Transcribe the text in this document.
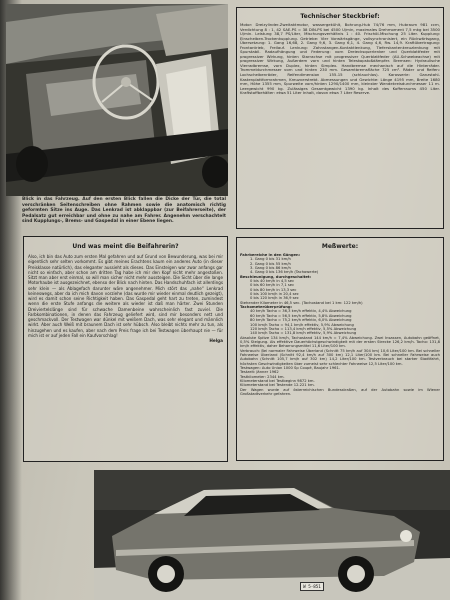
Blick in das Fahrzeug. Auf den ersten Blick fallen die Dicke der Tür, die total verschränken Seitenschreiben ohne Rahmen sowie die anatomisch richtig geformten Sitze ins Auge. Das Lenkrad ist abklappbar (zur Beifahrerseite), der Pedalsatz gut erreichbar und ohne zu nahe am Fahrer. Angenehm verschachtelt sind Kupplungs-, Brems- und Gaspedal in einer Ebene liegen.
Technischer Steckbrief:
Motor: Dreizylinder-Zweitaktmotor, wassergekühlt, Bohrung-Hub 74/76 mm, Hubraum 981 ccm, Verdichtung 8 : 1, 42 SAE-PS = 38 DIN-PS bei 4500 U/min, maximales Drehmoment 7,5 mkg bei 3500 U/min. Leistung 38,7 PS/Liter, Mischungsverhältnis 1 : 40. Frischöl-Mischung 25 Liter. Kupplung: Einscheiben-Trockenkupplung. Getriebe: Vier Vorwärtsgänge, vollsynchronisiert, ein Rückwärtsgang, Übersetzung: 1. Gang 16,68, 2. Gang 9,6, 3. Gang 6,1, 4. Gang 4,6, Rw. 14,9. Kraftübertragung: Frontantrieb, Freilauf. Lenkung: Zahnstangen-Kontaktlenkung, Tieferskantenkreuzlenkung mit Spurstabil. Radaufhängung und Federung: vorn Dreiecksquerlenker und Querblattfeder mit progressiver Wirkung, hinten Starrachse mit progressiver Querblattfeder (AU-Schwebeachse) mit progressiver Wirkung, Außerdem vorn und hinten Teleskopstoßdämpfer. Bremsen: Hydraulische Vierradbremse, vorn Duplex, hinten Simplex. Handbremse mechanisch auf die Hinterräder. Trommeldurchmesser vorn und hinten 230 mm. Gesamtbremsfläche 725 cm². Räder und Reifen: Lochscheibenräder, Reifendimension 155-15 (schlauchlos). Karosserie: Ganzstahl-Kastenplattformrahmen, Kreuzverstrebt. Abmessungen und Gewichte: Länge 4195 mm, Breite 1680 mm, Höhe 1355 mm, Spurweite vorn/hinten 1290/1400 mm, kleinster Wendekreisdurchmesser 11 m. Leergewicht 990 kg. Zulässiges Gesamtgewicht 1390 kg. Inhalt des Kofferraums 450 Liter. Kraftstoffbehälter: etwa 51 Liter Inhalt, davon etwa 7 Liter Reserve.
Und was meint die Beifahrerin?
Also, ich bin das Auto zum ersten Mal gefahren und auf Grund von Bewunderung, was bei mir eigentlich sehr selten vorkommt. Es gibt meines Erachtens kaum ein anderes Auto (in dieser Preisklasse natürlich), das eleganter aussieht als dieses. Das Einsteigen war zwar anfangs gar nicht so einfach, aber schon am dritten Tag habe ich mir den Kopf nicht mehr angestoßen. Sitzt man aber erst einmal, so will man sicher nicht mehr aussteigen. Die Sicht über die lange Motorhaube ist ausgezeichnet, ebenso der Blick nach hinten. Das Handschuhfach ist allerdings sehr klein — als Ablagefach darunter wäre angenehmer. Mich stört das „nahe“ Lenkrad keineswegs, aber da ich mich davon vorziehe (das wurde mir wieder einmal deutlich gezeigt), wird es damit schon seine Richtigkeit haben. Das Gaspedal geht hart zu treten, zumindest wenn die erste Stufe anfangs die weitere als wieder ist daß man härter. Zwei Stunden Dreiviertelslänge sind für schwache Damenbeine wahrscheinlich fast zuviel. Die Farbkombinationen, in denen das Fahrzeug geliefert wird, sind mir besonders nett und geschmackvoll. Der Testwagen war dünkel mit weißem Dach, was sehr elegant und männlich wirkt. Aber auch Weiß mit braunem Dach ist sehr hübsch. Also bleibt nichts mehr zu tun, als hinzugehen und es kaufen, aber nach dem Preis frage ich bei Testwagen überhaupt nie — für mich ist er auf jeden Fall ein Kaufvorschlag!
Helga
Meßwerte:
Fahrbereiche in den Gängen:
1. Gang 0 bis 31 km/h
2. Gang 0 bis 55 km/h
3. Gang 0 bis 86 km/h
4. Gang 0 bis 136 km/h (Tachowerte)
Beschleunigung, durchgeschaltet:
0 bis 40 km/h in 4,5 sec
0 bis 60 km/h in 7,1 sec
0 bis 80 km/h in 13,3 sec
0 bis 100 km/h in 20,4 sec
0 bis 120 km/h in 36,9 sec
Stehender Kilometer in 46,5 sec. (Tachostand bei 1 km: 122 km/h)
Tachometerüberprüfung:
40 km/h Tacho = 36,3 km/h effektiv, 4,4% Abweichung
60 km/h Tacho = 56,5 km/h effektiv, 5,8% Abweichung
80 km/h Tacho = 75,2 km/h effektiv, 6,0% Abweichung
100 km/h Tacho = 94,1 km/h effektiv, 5,9% Abweichung
120 km/h Tacho = 113,4 km/h effektiv, 5,5% Abweichung
140 km/h Tacho = 131,8 km/h effektiv, 5,9% Abweichung
Absolute Spitze 134 km/h, Tachostand 144 km/h = 7,4% Abweichung. Zwei Insassen, Autobahn geöffnet, 0,5% Steigung. Als effektive Dauerhöchstgeschwindigkeit mit der ersten Strecke 126,2 km/h. Tacho: 131,8 km/h effektiv, daher Beharrungsmittel 11,6 Liter/100 km.
Verbrauch: Bei normaler Fahrweise Überland (Schnitt 75 km/h auf 304 km) 10,6 Liter/100 km. Bei schneller Fahrweise Überland (Schnitt 92,4 km/h auf 300 km) 12,1 Liter/100 km. Bei schneller Fahrweise auch Autobahn (Schnitt 105,7 km/h auf 302 km) 14,2 Liter/100 km. Testverbrauch bei starker Stadtfahrt, höchsten Geschwindigkeiten über zumeist sehr schlechter Fahrweise 12,5 Liter/100 km.
Testwagen: Auto Union 1000 Sp Coupé, Baujahr 1961.
Testzeit: Jänner 1962
Testkilometer: 2344 km.
Kilometerstand bei Testbeginn 9872 km.
Kilometerstand bei Testende 12.221 km.
Der Wagen wurde auf österreichischen Bundesstraßen, auf der Autobahn sowie im Wiener Großstadtverkehr gefahren.
W 5-851
